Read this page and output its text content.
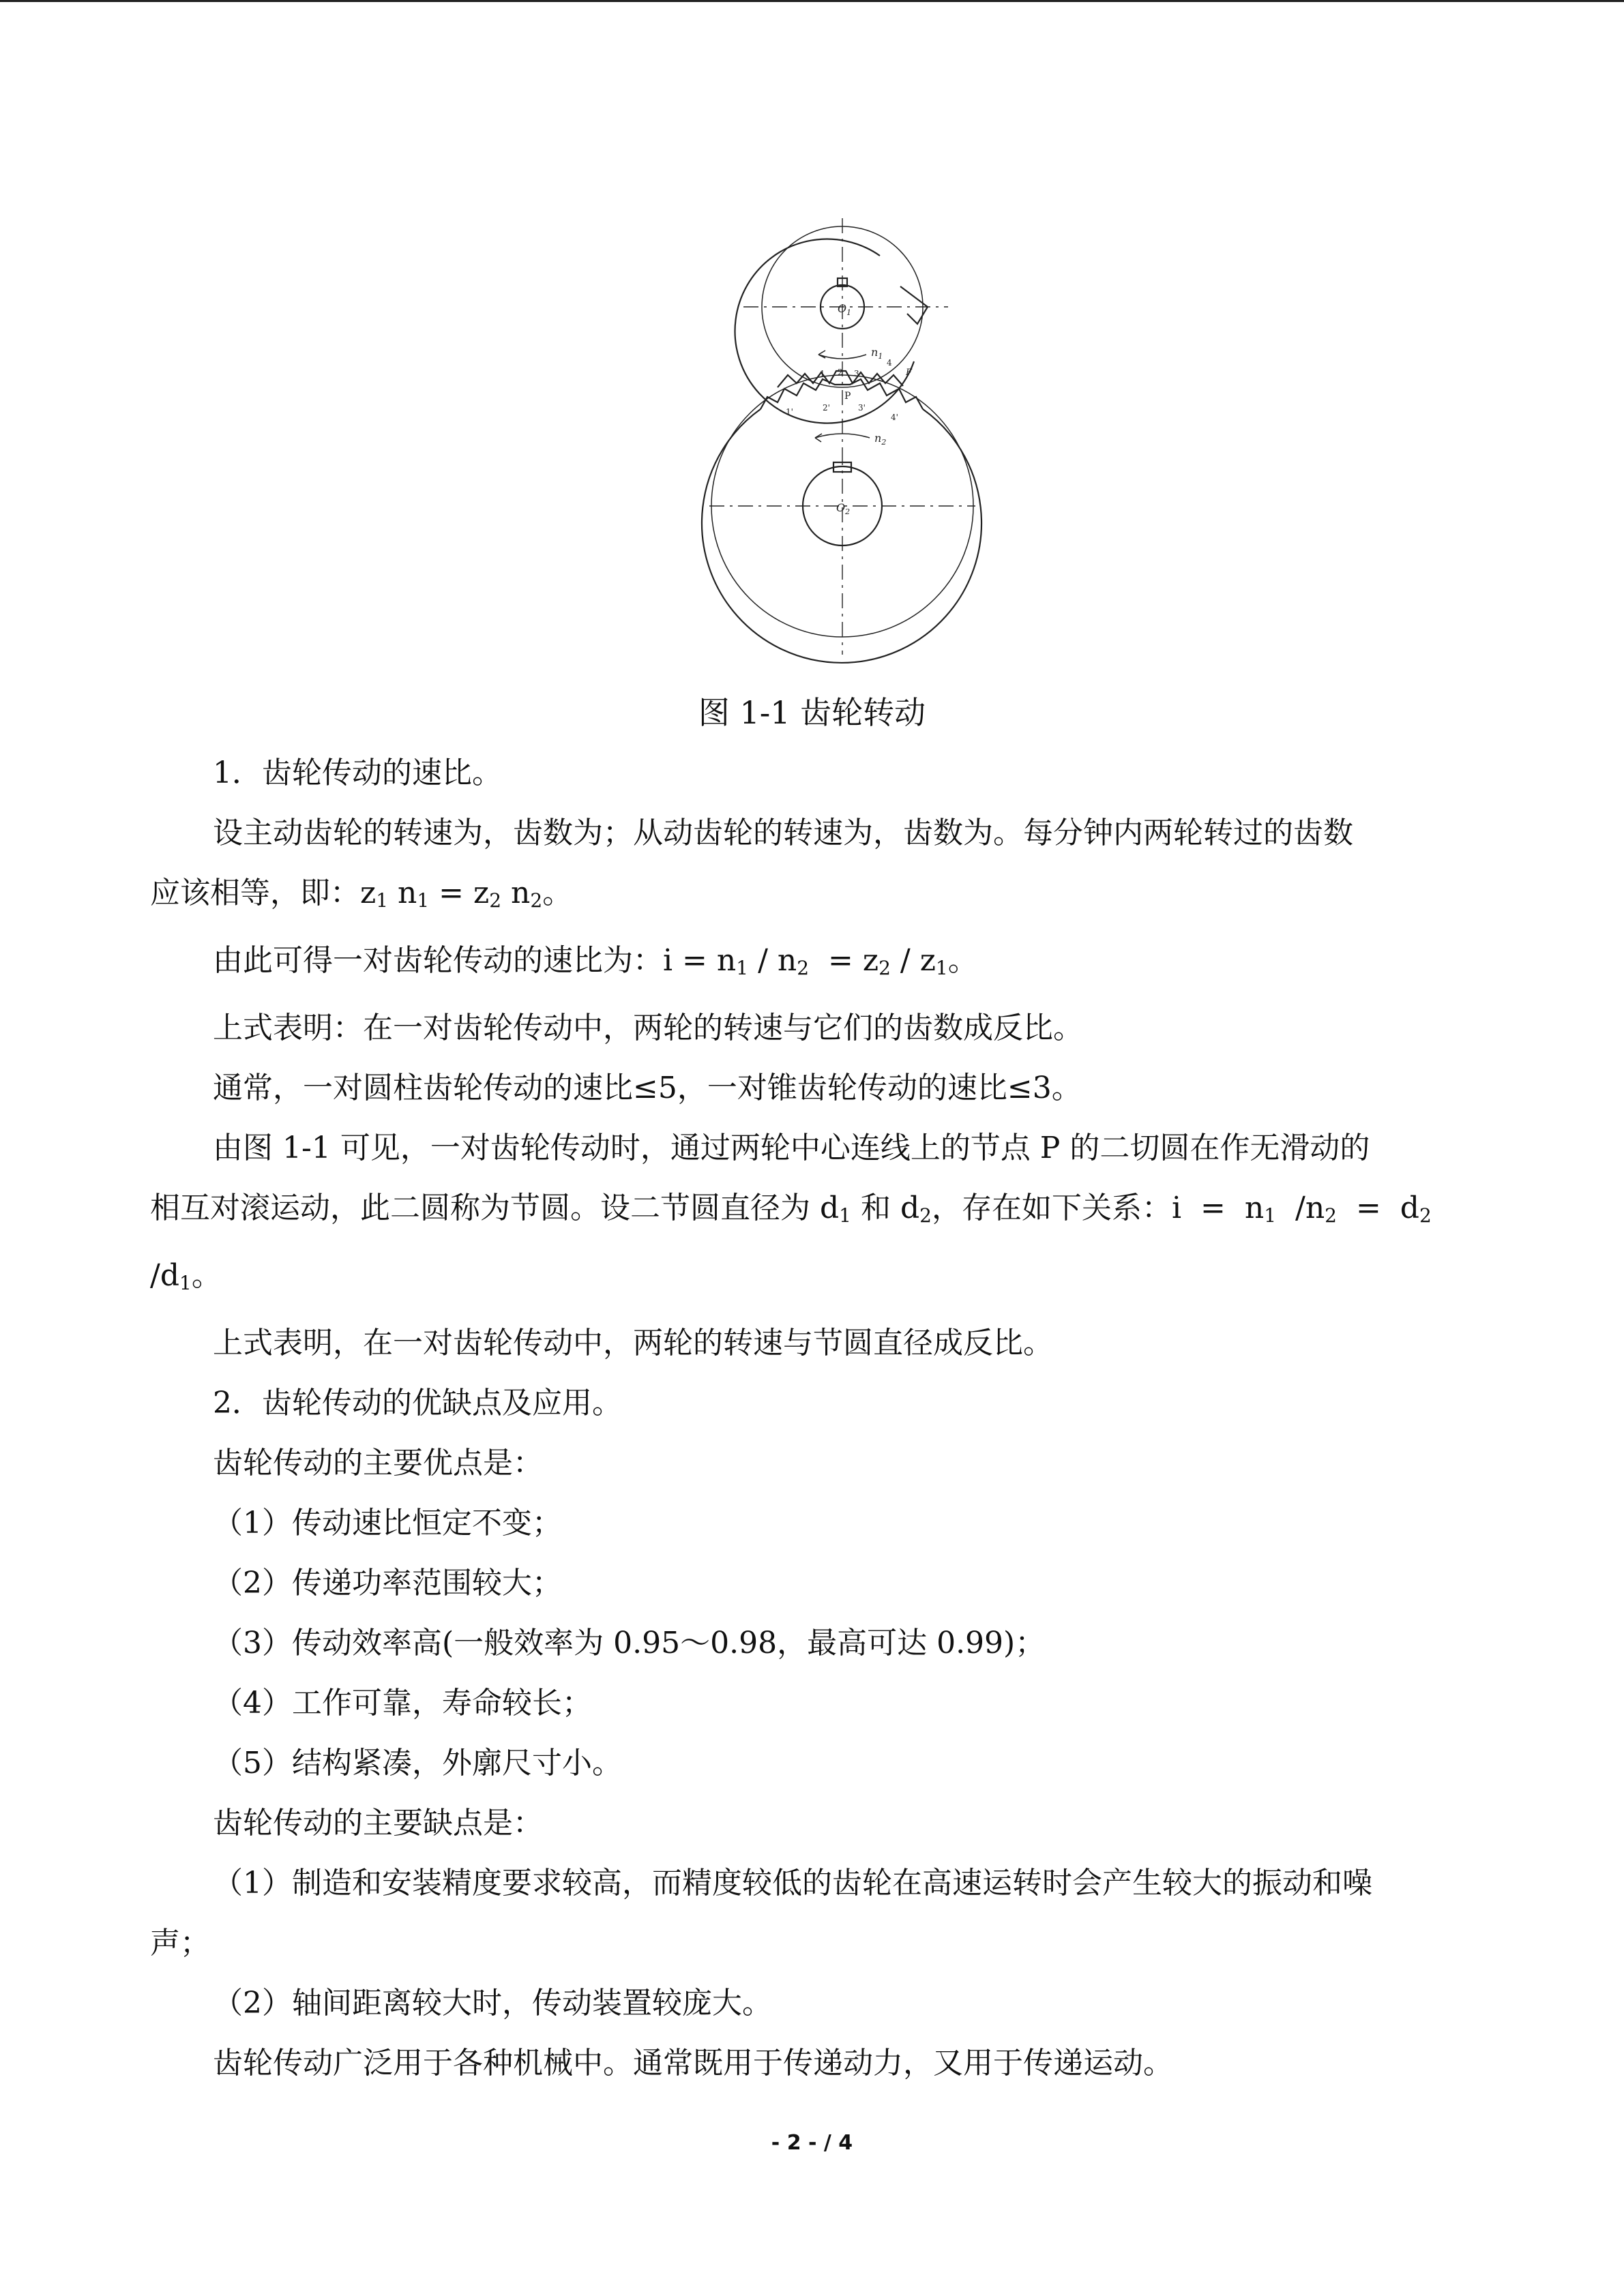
$O_1$
$O_2$
$n_1$
$n_2$
P
1	3
4
2
1'	2'	3'
4'
F
图 1-1 齿轮转动

1．齿轮传动的速比。

设主动齿轮的转速为，齿数为；从动齿轮的转速为，齿数为。每分钟内两轮转过的齿数

应该相等，即：$z_1$ $n_1 = z_2$ $n_2$。

由此可得一对齿轮传动的速比为：$i = n_1 / n_2 = z_2 / z_1$。

上式表明：在一对齿轮传动中，两轮的转速与它们的齿数成反比。

通常，一对圆柱齿轮传动的速比≤5，一对锥齿轮传动的速比≤3。

由图 1-1 可见，一对齿轮传动时，通过两轮中心连线上的节点 P 的二切圆在作无滑动的

相互对滚运动，此二圆称为节圆。设二节圆直径为 $d_1$ 和 $d_2$，存在如下关系：$i = n_1$  $/n_2 = d_2$

$/d_1$。

上式表明，在一对齿轮传动中，两轮的转速与节圆直径成反比。

2．齿轮传动的优缺点及应用。

齿轮传动的主要优点是：

（1）传动速比恒定不变；

（2）传递功率范围较大；

（3）传动效率高(一般效率为 0.95～0.98，最高可达 0.99)；

（4）工作可靠，寿命较长；

（5）结构紧凑，外廓尺寸小。

齿轮传动的主要缺点是：

（1）制造和安装精度要求较高，而精度较低的齿轮在高速运转时会产生较大的振动和噪

声；

（2）轴间距离较大时，传动装置较庞大。

齿轮传动广泛用于各种机械中。通常既用于传递动力，又用于传递运动。

- 2 - / 4
